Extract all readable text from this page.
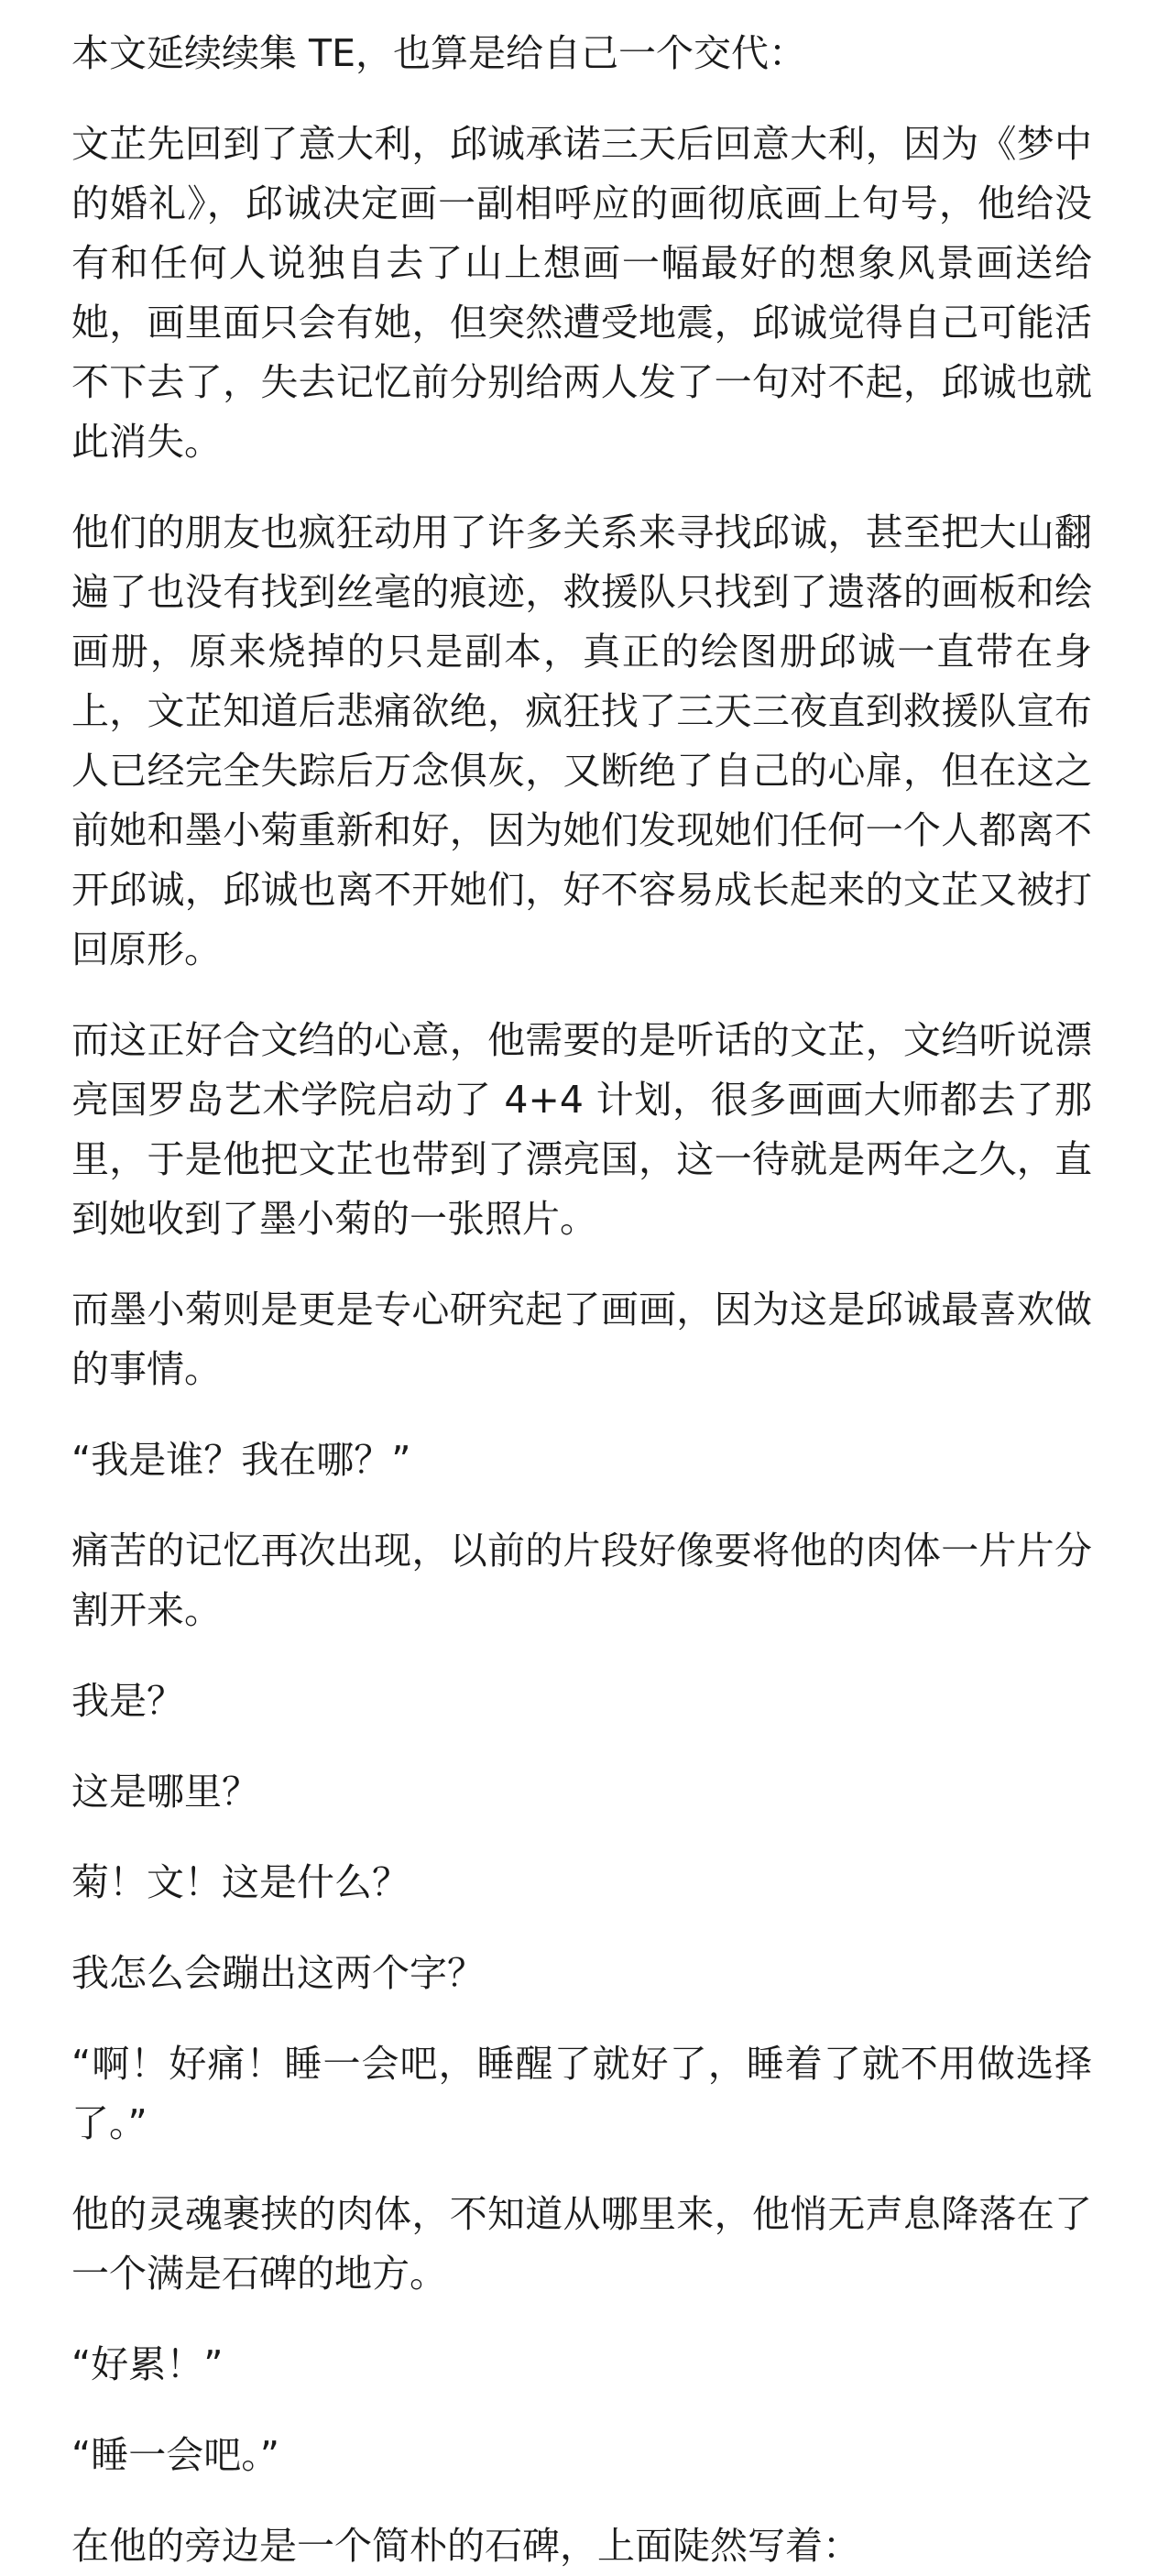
本文延续续集 TE，也算是给自己一个交代：

文芷先回到了意大利，邱诚承诺三天后回意大利，因为《梦中的婚礼》，邱诚决定画一副相呼应的画彻底画上句号，他给没有和任何人说独自去了山上想画一幅最好的想象风景画送给她，画里面只会有她，但突然遭受地震，邱诚觉得自己可能活不下去了，失去记忆前分别给两人发了一句对不起，邱诚也就此消失。

他们的朋友也疯狂动用了许多关系来寻找邱诚，甚至把大山翻遍了也没有找到丝毫的痕迹，救援队只找到了遗落的画板和绘画册，原来烧掉的只是副本，真正的绘图册邱诚一直带在身上，文芷知道后悲痛欲绝，疯狂找了三天三夜直到救援队宣布人已经完全失踪后万念俱灰，又断绝了自己的心扉，但在这之前她和墨小菊重新和好，因为她们发现她们任何一个人都离不开邱诚，邱诚也离不开她们，好不容易成长起来的文芷又被打回原形。

而这正好合文绉的心意，他需要的是听话的文芷，文绉听说漂亮国罗岛艺术学院启动了 4+4 计划，很多画画大师都去了那里，于是他把文芷也带到了漂亮国，这一待就是两年之久，直到她收到了墨小菊的一张照片。

而墨小菊则是更是专心研究起了画画，因为这是邱诚最喜欢做的事情。

“我是谁？我在哪？”

痛苦的记忆再次出现，以前的片段好像要将他的肉体一片片分割开来。

我是？

这是哪里？

菊！文！这是什么？

我怎么会蹦出这两个字？

“啊！好痛！睡一会吧，睡醒了就好了，睡着了就不用做选择了。”

他的灵魂裹挟的肉体，不知道从哪里来，他悄无声息降落在了一个满是石碑的地方。

“好累！”

“睡一会吧。”

在他的旁边是一个简朴的石碑，上面陡然写着：
